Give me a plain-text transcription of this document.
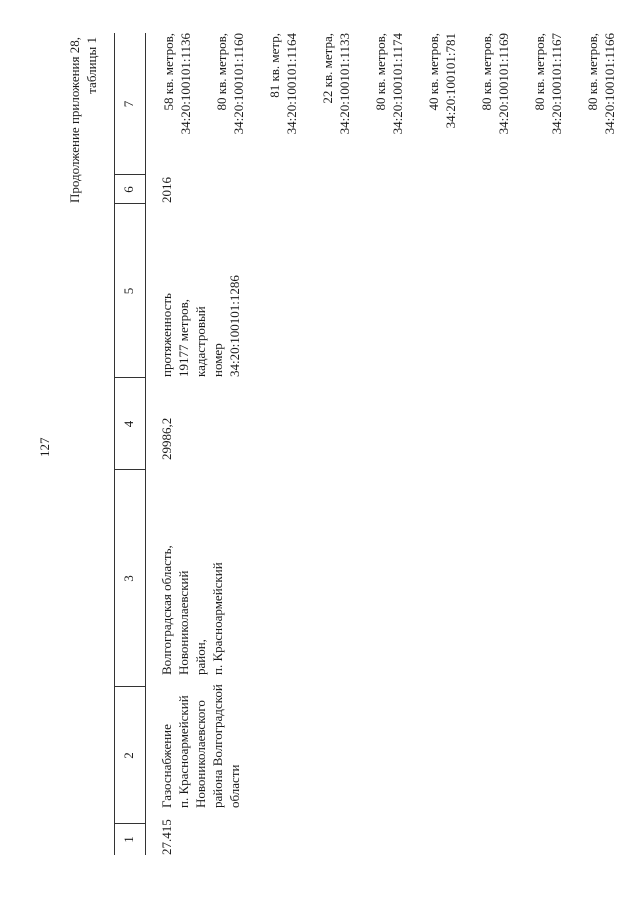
127
Продолжение приложения 28, таблицы 1
1
2
3
4
5
6
7
27.415
Газоснабжение п. Красноармейский Новониколаевского района Волгоградской области
Волгоградская область, Новониколаевский район, п. Красноармейский
29986,2
протяженность 19177 метров, кадастровый номер 34:20:100101:1286
2016
58 кв. метров, 34:20:100101:1136 80 кв. метров, 34:20:100101:1160 81 кв. метр, 34:20:100101:1164 22 кв. метра, 34:20:100101:1133 80 кв. метров, 34:20:100101:1174 40 кв. метров, 34:20:100101:781 80 кв. метров, 34:20:100101:1169 80 кв. метров, 34:20:100101:1167 80 кв. метров, 34:20:100101:1166
